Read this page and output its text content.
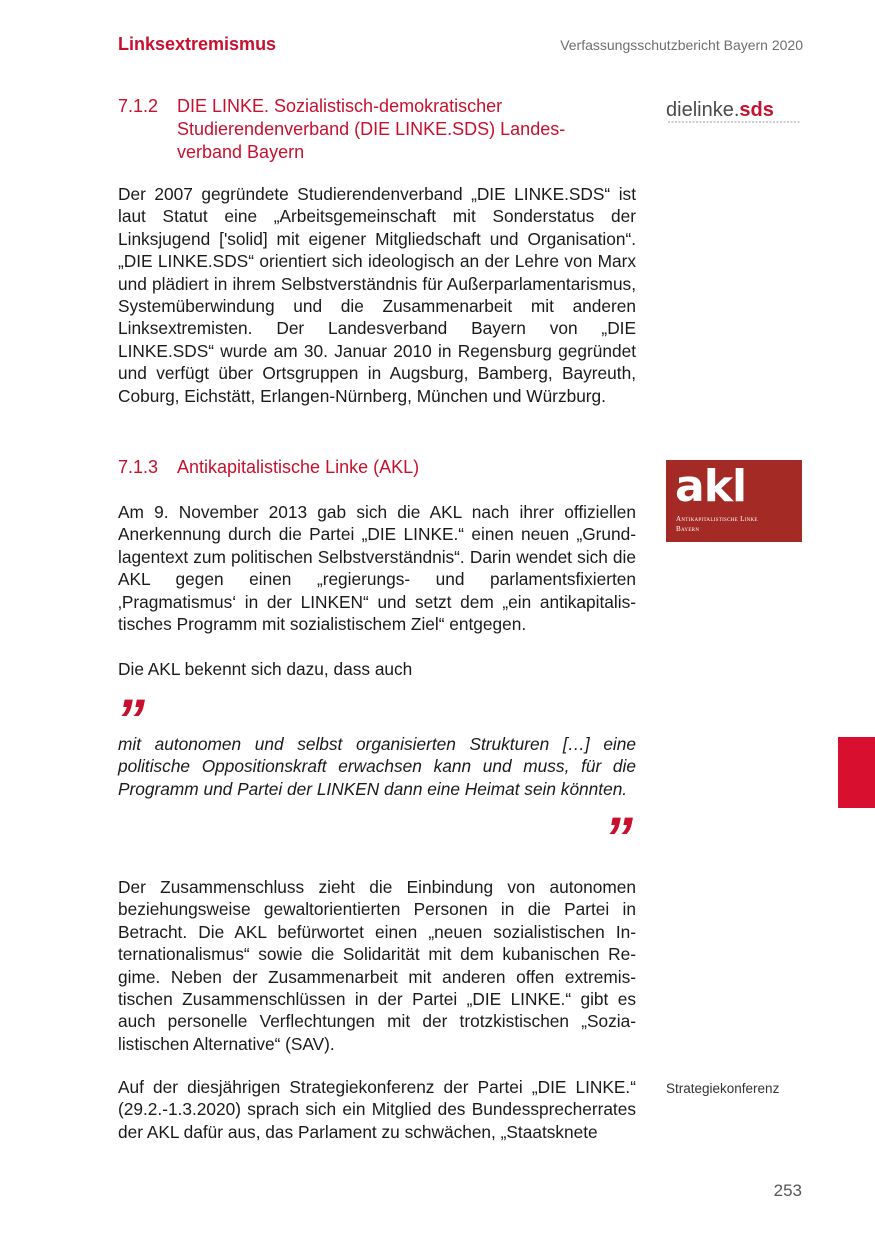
Linksextremismus	Verfassungsschutzbericht Bayern 2020
7.1.2	DIE LINKE. Sozialistisch-demokratischer Studierendenverband (DIE LINKE.SDS) Landes-verband Bayern
dielinke.sds

Der 2007 gegründete Studierendenverband „DIE LINKE.SDS“ ist laut Statut eine „Arbeitsgemeinschaft mit Sonderstatus der Linksjugend ['solid] mit eigener Mitgliedschaft und Organisation“. „DIE LINKE.SDS“ orientiert sich ideologisch an der Lehre von Marx und plädiert in ihrem Selbstverständnis für Außerparlamentarismus, Systemüberwindung und die Zusammenarbeit mit anderen Linksextremisten. Der Landesverband Bayern von „DIE LINKE.SDS“ wurde am 30. Januar 2010 in Regensburg gegründet und verfügt über Ortsgruppen in Augsburg, Bamberg, Bayreuth, Coburg, Eichstätt, Erlangen-Nürnberg, München und Würzburg.

7.1.3	Antikapitalistische Linke (AKL)	akl
Antikapitalistische Linke
Bayern

Am 9. November 2013 gab sich die AKL nach ihrer offiziellen Anerkennung durch die Partei „DIE LINKE.“ einen neuen „Grundlagentext zum politischen Selbstverständnis“. Darin wendet sich die AKL gegen einen „regierungs- und parlamentsfixierten ‚Pragmatismus‘ in der LINKEN“ und setzt dem „ein antikapitalistisches Programm mit sozialistischem Ziel“ entgegen.

Die AKL bekennt sich dazu, dass auch

”

mit autonomen und selbst organisierten Strukturen […] eine politische Oppositionskraft erwachsen kann und muss, für die Programm und Partei der LINKEN dann eine Heimat sein könnten.

”

Der Zusammenschluss zieht die Einbindung von autonomen beziehungsweise gewaltorientierten Personen in die Partei in Betracht. Die AKL befürwortet einen „neuen sozialistischen Internationalismus“ sowie die Solidarität mit dem kubanischen Regime. Neben der Zusammenarbeit mit anderen offen extremistischen Zusammenschlüssen in der Partei „DIE LINKE.“ gibt es auch personelle Verflechtungen mit der trotzkistischen „Sozialistischen Alternative“ (SAV).

Auf der diesjährigen Strategiekonferenz der Partei „DIE LINKE.“ (29.2.-1.3.2020) sprach sich ein Mitglied des Bundessprecherrates der AKL dafür aus, das Parlament zu schwächen, „Staatsknete

Strategiekonferenz
253
